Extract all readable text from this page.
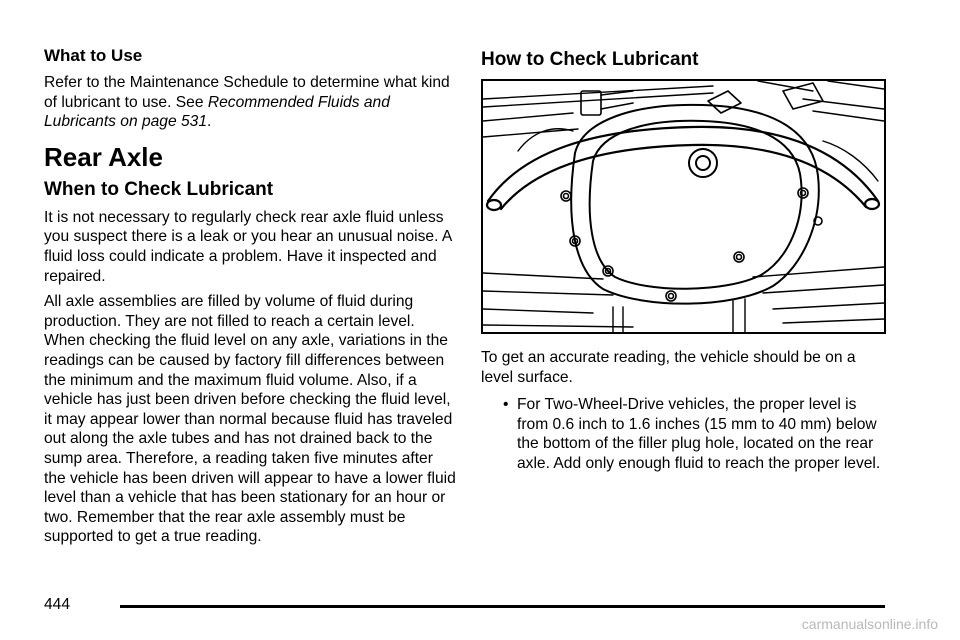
What to Use

Refer to the Maintenance Schedule to determine what kind of lubricant to use. See Recommended Fluids and Lubricants on page 531.

Rear Axle
When to Check Lubricant

It is not necessary to regularly check rear axle fluid unless you suspect there is a leak or you hear an unusual noise. A fluid loss could indicate a problem. Have it inspected and repaired.

All axle assemblies are filled by volume of fluid during production. They are not filled to reach a certain level. When checking the fluid level on any axle, variations in the readings can be caused by factory fill differences between the minimum and the maximum fluid volume. Also, if a vehicle has just been driven before checking the fluid level, it may appear lower than normal because fluid has traveled out along the axle tubes and has not drained back to the sump area. Therefore, a reading taken five minutes after the vehicle has been driven will appear to have a lower fluid level than a vehicle that has been stationary for an hour or two. Remember that the rear axle assembly must be supported to get a true reading.

How to Check Lubricant

To get an accurate reading, the vehicle should be on a level surface.

• For Two-Wheel-Drive vehicles, the proper level is from 0.6 inch to 1.6 inches (15 mm to 40 mm) below the bottom of the filler plug hole, located on the rear axle. Add only enough fluid to reach the proper level.
444
carmanualsonline.info
